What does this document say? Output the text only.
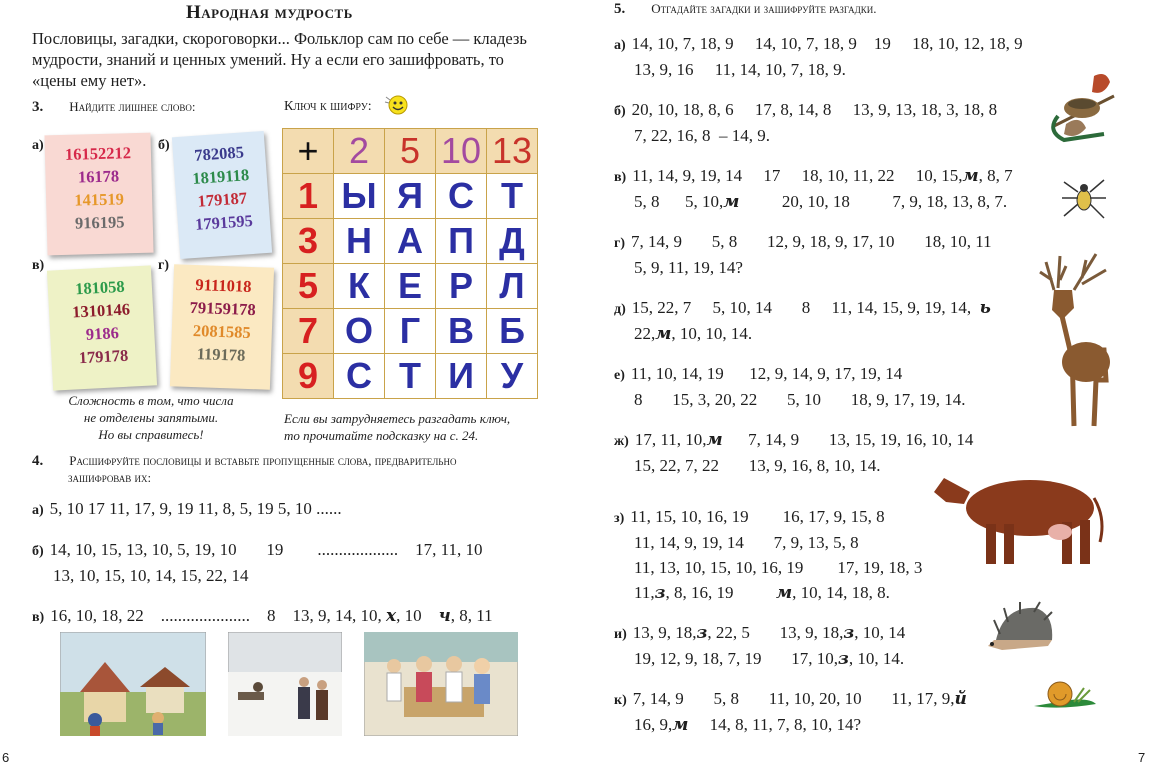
Народная мудрость
Пословицы, загадки, скороговорки... Фольклор сам по себе — кладезь мудрости, знаний и ценных умений. Ну а если его зашифровать, то «цены ему нет».
3. Найдите лишнее слово:	Ключ к шифру:
а)	16152212
16178
141519
916195
б)	782085
1819118
179187
1791595
в)
181058
1310146
9186
179178
г)
9111018
79159178
2081585
119178
+	2	5	10	13
1	Ы	Я	С	Т
3	Н	А	П	Д
5	К	Е	Р	Л
7	О	Г	В	Б
9	С	Т	И	У
Сложность в том, что числа
не отделены запятыми.
Но вы справитесь!
Если вы затрудняетесь разгадать ключ,
то прочитайте подсказку на с. 24.
4. Расшифруйте пословицы и вставьте пропущенные слова, предварительно
зашифровав их:
а) 5, 10 17 11, 17, 9, 19 11, 8, 5, 19 5, 10 ......
б) 14, 10, 15, 13, 10, 5, 19, 10       19        ...................    17, 11, 10
13, 10, 15, 10, 14, 15, 22, 14
в) 16, 10, 18, 22    .....................    8    13, 9, 14, 10, х, 10 ч, 8, 11
6
5. Отгадайте загадки и зашифруйте разгадки.
а) 14, 10, 7, 18, 9     14, 10, 7, 18, 9    19     18, 10, 12, 18, 9
13, 9, 16     11, 14, 10, 7, 18, 9.
б) 20, 10, 18, 8, 6     17, 8, 14, 8     13, 9, 13, 18, 3, 18, 8
7, 22, 16, 8  – 14, 9.
в) 11, 14, 9, 19, 14     17     18, 10, 11, 22     10, 15,м, 8, 7
5, 8      5, 10,м          20, 10, 18          7, 9, 18, 13, 8, 7.
г) 7, 14, 9       5, 8       12, 9, 18, 9, 17, 10       18, 10, 11
5, 9, 11, 19, 14?
д) 15, 22, 7     5, 10, 14       8     11, 14, 15, 9, 19, 14, ь
22,м, 10, 10, 14.
е) 11, 10, 14, 19      12, 9, 14, 9, 17, 19, 14
8       15, 3, 20, 22       5, 10       18, 9, 17, 19, 14.
ж) 17, 11, 10,м      7, 14, 9       13, 15, 19, 16, 10, 14
15, 22, 7, 22       13, 9, 16, 8, 10, 14.
з) 11, 15, 10, 16, 19        16, 17, 9, 15, 8
11, 14, 9, 19, 14       7, 9, 13, 5, 8
11, 13, 10, 15, 10, 16, 19        17, 19, 18, 3
11,з, 8, 16, 19          м, 10, 14, 18, 8.
и) 13, 9, 18,з, 22, 5       13, 9, 18,з, 10, 14
19, 12, 9, 18, 7, 19       17, 10,з, 10, 14.
к) 7, 14, 9       5, 8       11, 10, 20, 10       11, 17, 9,й
16, 9,м     14, 8, 11, 7, 8, 10, 14?
7
